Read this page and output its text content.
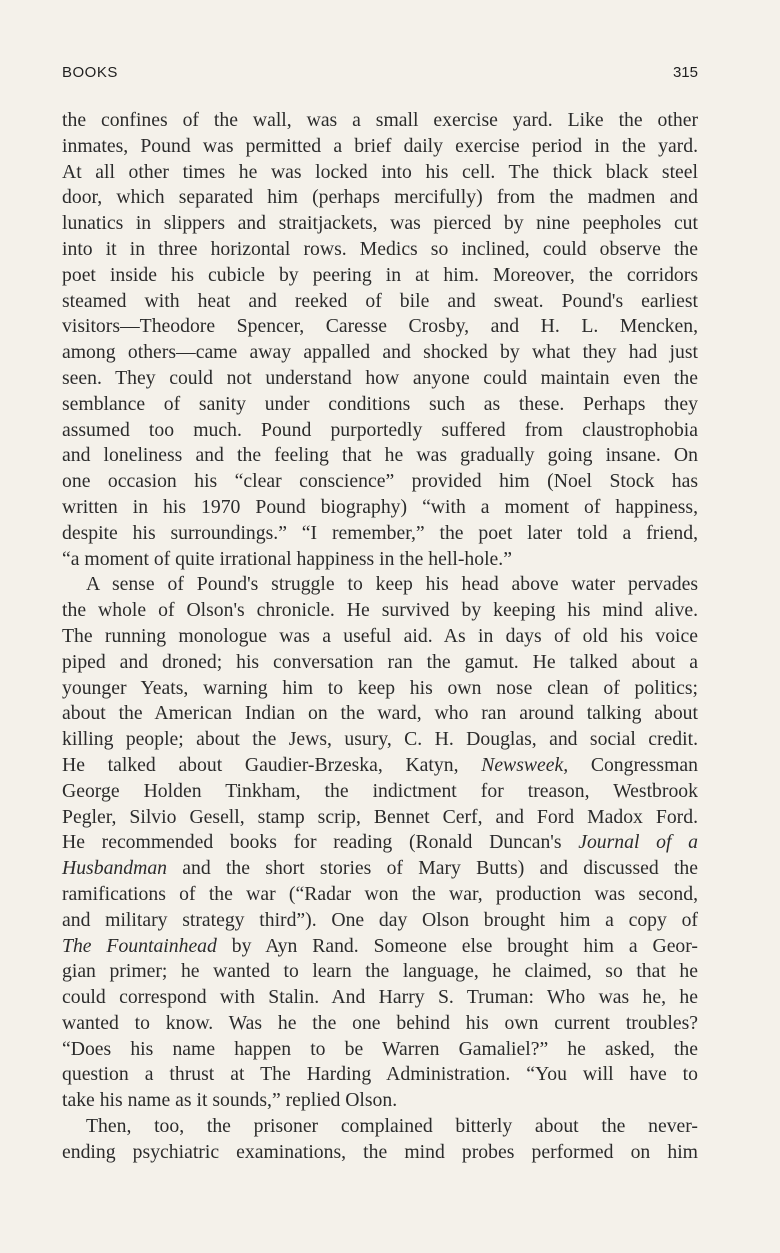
BOOKS	315
the confines of the wall, was a small exercise yard. Like the other
inmates, Pound was permitted a brief daily exercise period in the yard.
At all other times he was locked into his cell. The thick black steel
door, which separated him (perhaps mercifully) from the madmen and
lunatics in slippers and straitjackets, was pierced by nine peepholes cut
into it in three horizontal rows. Medics so inclined, could observe the
poet inside his cubicle by peering in at him. Moreover, the corridors
steamed with heat and reeked of bile and sweat. Pound's earliest
visitors—Theodore Spencer, Caresse Crosby, and H. L. Mencken,
among others—came away appalled and shocked by what they had just
seen. They could not understand how anyone could maintain even the
semblance of sanity under conditions such as these. Perhaps they
assumed too much. Pound purportedly suffered from claustrophobia
and loneliness and the feeling that he was gradually going insane. On
one occasion his “clear conscience” provided him (Noel Stock has
written in his 1970 Pound biography) “with a moment of happiness,
despite his surroundings.” “I remember,” the poet later told a friend,
“a moment of quite irrational happiness in the hell-hole.”
A sense of Pound's struggle to keep his head above water pervades
the whole of Olson's chronicle. He survived by keeping his mind alive.
The running monologue was a useful aid. As in days of old his voice
piped and droned; his conversation ran the gamut. He talked about a
younger Yeats, warning him to keep his own nose clean of politics;
about the American Indian on the ward, who ran around talking about
killing people; about the Jews, usury, C. H. Douglas, and social credit.
He talked about Gaudier-Brzeska, Katyn, Newsweek, Congressman
George Holden Tinkham, the indictment for treason, Westbrook
Pegler, Silvio Gesell, stamp scrip, Bennet Cerf, and Ford Madox Ford.
He recommended books for reading (Ronald Duncan's Journal of a
Husbandman and the short stories of Mary Butts) and discussed the
ramifications of the war (“Radar won the war, production was second,
and military strategy third”). One day Olson brought him a copy of
The Fountainhead by Ayn Rand. Someone else brought him a Geor-
gian primer; he wanted to learn the language, he claimed, so that he
could correspond with Stalin. And Harry S. Truman: Who was he, he
wanted to know. Was he the one behind his own current troubles?
“Does his name happen to be Warren Gamaliel?” he asked, the
question a thrust at The Harding Administration. “You will have to
take his name as it sounds,” replied Olson.
Then, too, the prisoner complained bitterly about the never-
ending psychiatric examinations, the mind probes performed on him
